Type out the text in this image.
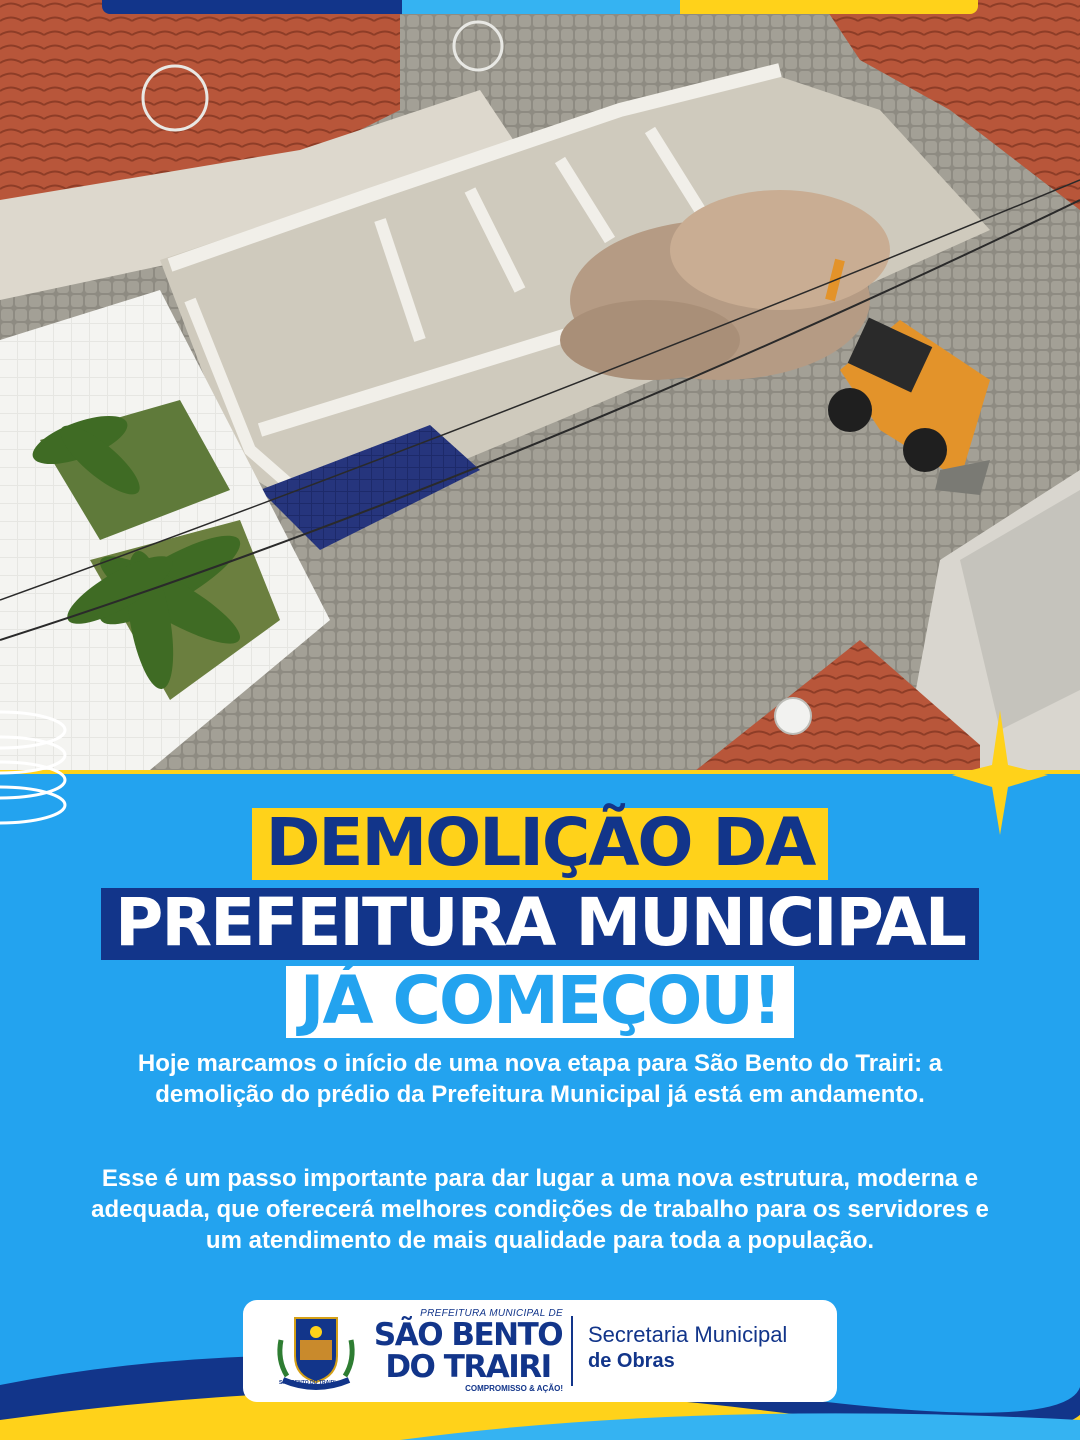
DEMOLIÇÃO DA
PREFEITURA MUNICIPAL
JÁ COMEÇOU!
Hoje marcamos o início de uma nova etapa para São Bento do Trairi: a demolição do prédio da Prefeitura Municipal já está em andamento.
Esse é um passo importante para dar lugar a uma nova estrutura, moderna e adequada, que oferecerá melhores condições de trabalho para os servidores e um atendimento de mais qualidade para toda a população.
SÃO BENTO DO TRAIRI
PREFEITURA MUNICIPAL DE
SÃO BENTO
DO TRAIRI
COMPROMISSO & AÇÃO!
Secretaria Municipal
de Obras
